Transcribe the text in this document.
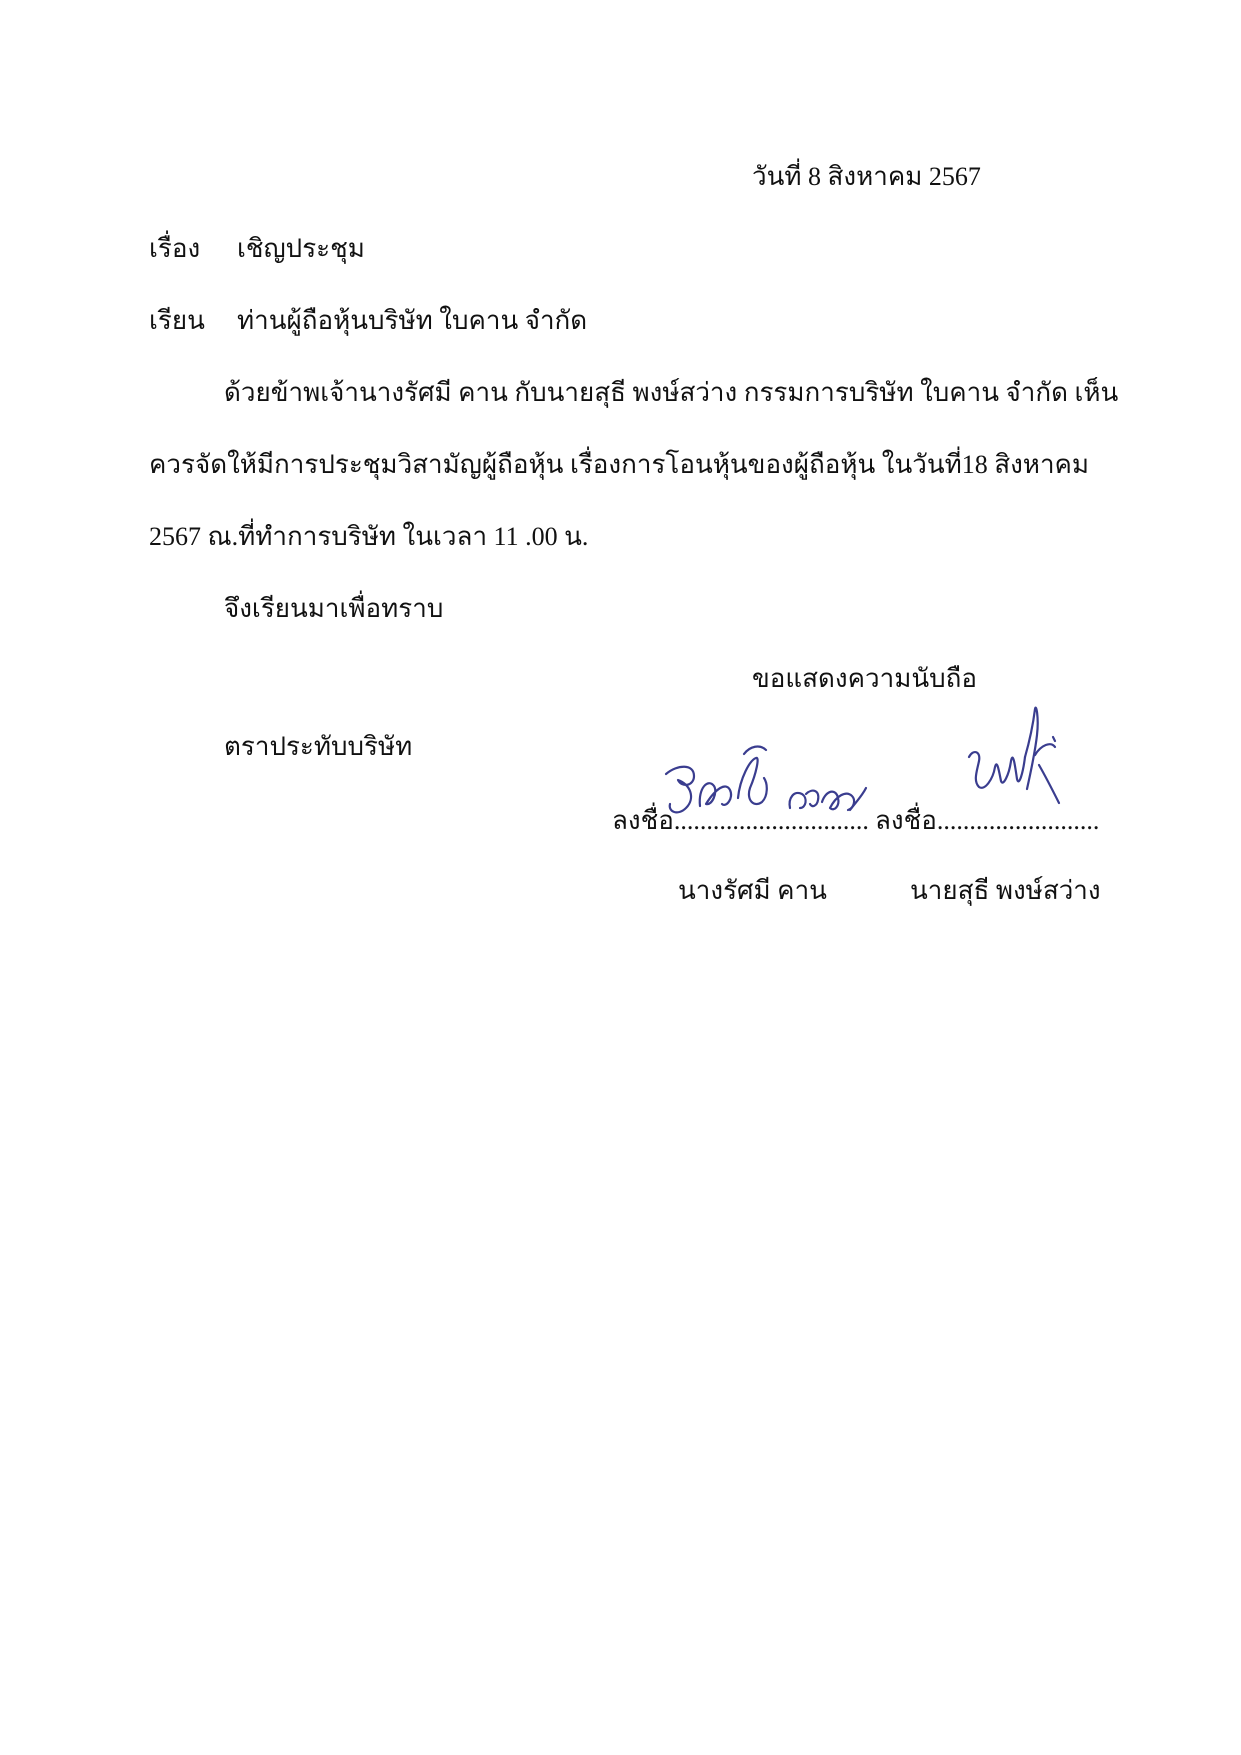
วันที่ 8 สิงหาคม 2567
เรื่อง เชิญประชุม
เรียน ท่านผู้ถือหุ้นบริษัท ใบคาน จำกัด
ด้วยข้าพเจ้านางรัศมี คาน กับนายสุธี พงษ์สว่าง กรรมการบริษัท ใบคาน จำกัด เห็น
ควรจัดให้มีการประชุมวิสามัญผู้ถือหุ้น เรื่องการโอนหุ้นของผู้ถือหุ้น ในวันที่18 สิงหาคม
2567 ณ.ที่ทำการบริษัท ในเวลา 11 .00 น.
จึงเรียนมาเพื่อทราบ
ขอแสดงความนับถือ
ตราประทับบริษัท
ลงชื่อ.............................. ลงชื่อ.........................
นางรัศมี คาน	นายสุธี พงษ์สว่าง
